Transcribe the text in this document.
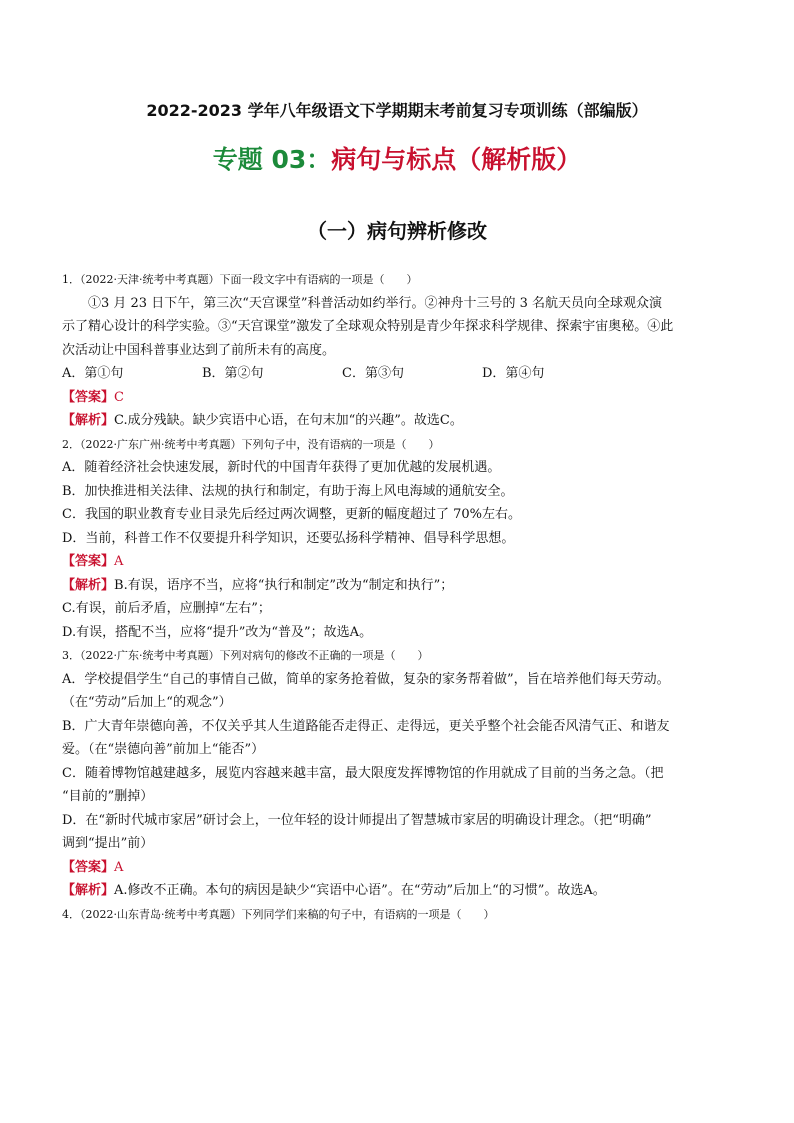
2022-2023 学年八年级语文下学期期末考前复习专项训练（部编版）
专题 03：病句与标点（解析版）
（一）病句辨析修改
1．（2022·天津·统考中考真题）下面一段文字中有语病的一项是（　　）
①3 月 23 日下午，第三次“天宫课堂”科普活动如约举行。②神舟十三号的 3 名航天员向全球观众演
示了精心设计的科学实验。③“天宫课堂”激发了全球观众特别是青少年探求科学规律、探索宇宙奥秘。④此
次活动让中国科普事业达到了前所未有的高度。
A．第①句	B．第②句	C．第③句	D．第④句
【答案】C
【解析】C.成分残缺。缺少宾语中心语，在句末加“的兴趣”。故选C。
2．（2022·广东广州·统考中考真题）下列句子中，没有语病的一项是（　　）
A．随着经济社会快速发展，新时代的中国青年获得了更加优越的发展机遇。
B．加快推进相关法律、法规的执行和制定，有助于海上风电海域的通航安全。
C．我国的职业教育专业目录先后经过两次调整，更新的幅度超过了 70%左右。
D．当前，科普工作不仅要提升科学知识，还要弘扬科学精神、倡导科学思想。
【答案】A
【解析】B.有误，语序不当，应将“执行和制定”改为“制定和执行”；
C.有误，前后矛盾，应删掉“左右”；
D.有误，搭配不当，应将“提升”改为“普及”；故选A。
3．（2022·广东·统考中考真题）下列对病句的修改不正确的一项是（　　）
A．学校提倡学生“自己的事情自己做，简单的家务抢着做，复杂的家务帮着做”，旨在培养他们每天劳动。
（在“劳动”后加上“的观念”）
B．广大青年崇德向善，不仅关乎其人生道路能否走得正、走得远，更关乎整个社会能否风清气正、和谐友
爱。（在“崇德向善”前加上“能否”）
C．随着博物馆越建越多，展览内容越来越丰富，最大限度发挥博物馆的作用就成了目前的当务之急。（把
“目前的”删掉）
D．在“新时代城市家居”研讨会上，一位年轻的设计师提出了智慧城市家居的明确设计理念。（把“明确”
调到“提出”前）
【答案】A
【解析】A.修改不正确。本句的病因是缺少“宾语中心语”。在“劳动”后加上“的习惯”。故选A。
4．（2022·山东青岛·统考中考真题）下列同学们来稿的句子中，有语病的一项是（　　）
